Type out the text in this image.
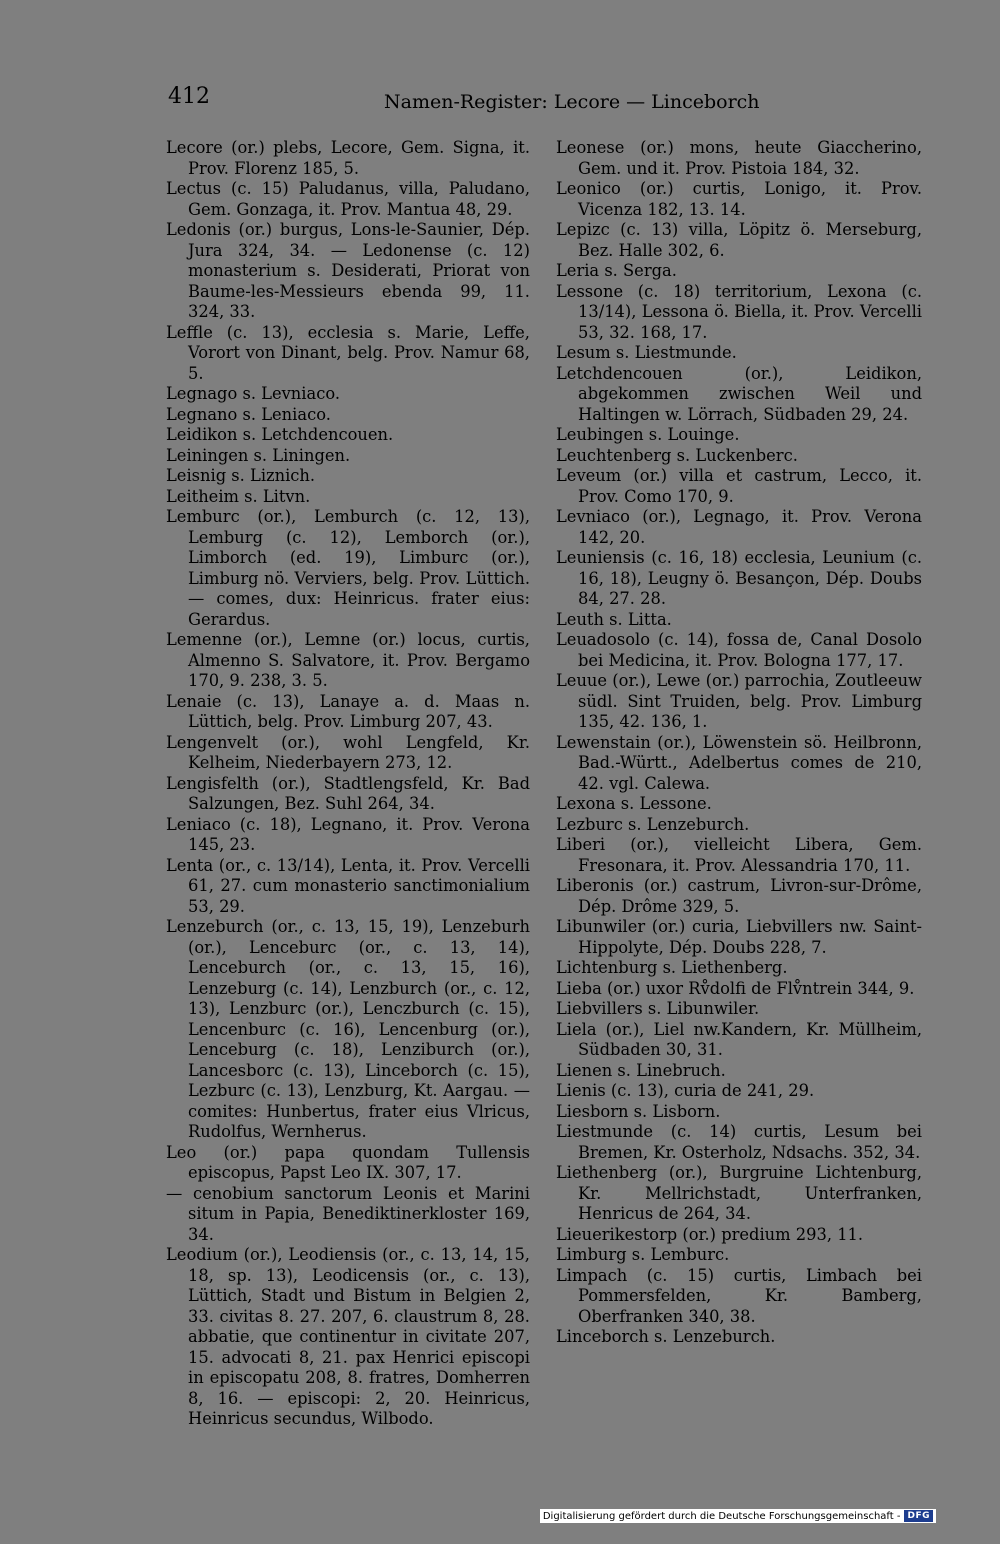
412	Namen-Register: Lecore — Linceborch
Lecore (or.) plebs, Lecore, Gem. Signa, it. Prov. Florenz 185, 5.
Lectus (c. 15) Paludanus, villa, Paludano, Gem. Gonzaga, it. Prov. Mantua 48, 29.
Ledonis (or.) burgus, Lons-le-Saunier, Dép. Jura 324, 34. — Ledonense (c. 12) monasterium s. Desiderati, Priorat von Baume-les-Messieurs ebenda 99, 11. 324, 33.
Leffle (c. 13), ecclesia s. Marie, Leffe, Vorort von Dinant, belg. Prov. Namur 68, 5.
Legnago s. Levniaco.
Legnano s. Leniaco.
Leidikon s. Letchdencouen.
Leiningen s. Liningen.
Leisnig s. Liznich.
Leitheim s. Litvn.
Lemburc (or.), Lemburch (c. 12, 13), Lemburg (c. 12), Lemborch (or.), Limborch (ed. 19), Limburc (or.), Limburg nö. Verviers, belg. Prov. Lüttich. — comes, dux: Heinricus. frater eius: Gerardus.
Lemenne (or.), Lemne (or.) locus, curtis, Almenno S. Salvatore, it. Prov. Bergamo 170, 9. 238, 3. 5.
Lenaie (c. 13), Lanaye a. d. Maas n. Lüttich, belg. Prov. Limburg 207, 43.
Lengenvelt (or.), wohl Lengfeld, Kr. Kelheim, Niederbayern 273, 12.
Lengisfelth (or.), Stadtlengsfeld, Kr. Bad Salzungen, Bez. Suhl 264, 34.
Leniaco (c. 18), Legnano, it. Prov. Verona 145, 23.
Lenta (or., c. 13/14), Lenta, it. Prov. Vercelli 61, 27. cum monasterio sanctimonialium 53, 29.
Lenzeburch (or., c. 13, 15, 19), Lenzeburh (or.), Lenceburc (or., c. 13, 14), Lenceburch (or., c. 13, 15, 16), Lenzeburg (c. 14), Lenzburch (or., c. 12, 13), Lenzburc (or.), Lenczburch (c. 15), Lencenburc (c. 16), Lencenburg (or.), Lenceburg (c. 18), Lenziburch (or.), Lancesborc (c. 13), Linceborch (c. 15), Lezburc (c. 13), Lenzburg, Kt. Aargau. — comites: Hunbertus, frater eius Vlricus, Rudolfus, Wernherus.
Leo (or.) papa quondam Tullensis episcopus, Papst Leo IX. 307, 17.
— cenobium sanctorum Leonis et Marini situm in Papia, Benediktinerkloster 169, 34.
Leodium (or.), Leodiensis (or., c. 13, 14, 15, 18, sp. 13), Leodicensis (or., c. 13), Lüttich, Stadt und Bistum in Belgien 2, 33. civitas 8. 27. 207, 6. claustrum 8, 28. abbatie, que continentur in civitate 207, 15. advocati 8, 21. pax Henrici episcopi in episcopatu 208, 8. fratres, Domherren 8, 16. — episcopi: 2, 20. Heinricus, Heinricus secundus, Wilbodo.
Leonese (or.) mons, heute Giaccherino, Gem. und it. Prov. Pistoia 184, 32.
Leonico (or.) curtis, Lonigo, it. Prov. Vicenza 182, 13. 14.
Lepizc (c. 13) villa, Löpitz ö. Merseburg, Bez. Halle 302, 6.
Leria s. Serga.
Lessone (c. 18) territorium, Lexona (c. 13/14), Lessona ö. Biella, it. Prov. Vercelli 53, 32. 168, 17.
Lesum s. Liestmunde.
Letchdencouen (or.), Leidikon, abgekommen zwischen Weil und Haltingen w. Lörrach, Südbaden 29, 24.
Leubingen s. Louinge.
Leuchtenberg s. Luckenberc.
Leveum (or.) villa et castrum, Lecco, it. Prov. Como 170, 9.
Levniaco (or.), Legnago, it. Prov. Verona 142, 20.
Leuniensis (c. 16, 18) ecclesia, Leunium (c. 16, 18), Leugny ö. Besançon, Dép. Doubs 84, 27. 28.
Leuth s. Litta.
Leuadosolo (c. 14), fossa de, Canal Dosolo bei Medicina, it. Prov. Bologna 177, 17.
Leuue (or.), Lewe (or.) parrochia, Zoutleeuw südl. Sint Truiden, belg. Prov. Limburg 135, 42. 136, 1.
Lewenstain (or.), Löwenstein sö. Heilbronn, Bad.-Württ., Adelbertus comes de 210, 42. vgl. Calewa.
Lexona s. Lessone.
Lezburc s. Lenzeburch.
Liberi (or.), vielleicht Libera, Gem. Fresonara, it. Prov. Alessandria 170, 11.
Liberonis (or.) castrum, Livron-sur-Drôme, Dép. Drôme 329, 5.
Libunwiler (or.) curia, Liebvillers nw. Saint-Hippolyte, Dép. Doubs 228, 7.
Lichtenburg s. Liethenberg.
Lieba (or.) uxor Rv̊dolfi de Flv̊ntrein 344, 9.
Liebvillers s. Libunwiler.
Liela (or.), Liel nw.Kandern, Kr. Müllheim, Südbaden 30, 31.
Lienen s. Linebruch.
Lienis (c. 13), curia de 241, 29.
Liesborn s. Lisborn.
Liestmunde (c. 14) curtis, Lesum bei Bremen, Kr. Osterholz, Ndsachs. 352, 34.
Liethenberg (or.), Burgruine Lichtenburg, Kr. Mellrichstadt, Unterfranken, Henricus de 264, 34.
Lieuerikestorp (or.) predium 293, 11.
Limburg s. Lemburc.
Limpach (c. 15) curtis, Limbach bei Pommersfelden, Kr. Bamberg, Oberfranken 340, 38.
Linceborch s. Lenzeburch.
Digitalisierung gefördert durch die Deutsche Forschungsgemeinschaft - DFG
